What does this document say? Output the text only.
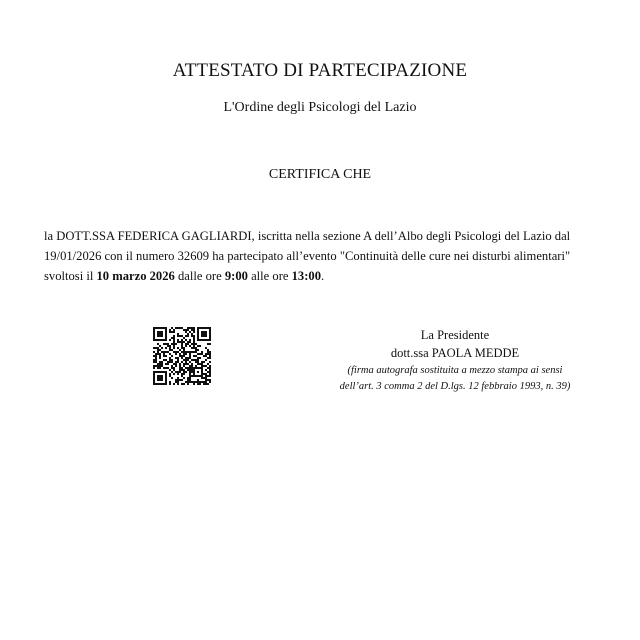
ATTESTATO DI PARTECIPAZIONE
L'Ordine degli Psicologi del Lazio
CERTIFICA CHE
la DOTT.SSA FEDERICA GAGLIARDI, iscritta nella sezione A dell’Albo degli Psicologi del Lazio dal 19/01/2026 con il numero 32609 ha partecipato all’evento "Continuità delle cure nei disturbi alimentari" svoltosi il 10 marzo 2026 dalle ore 9:00 alle ore 13:00.
La Presidente
dott.ssa PAOLA MEDDE
(firma autografa sostituita a mezzo stampa ai sensi
dell’art. 3 comma 2 del D.lgs. 12 febbraio 1993, n. 39)
